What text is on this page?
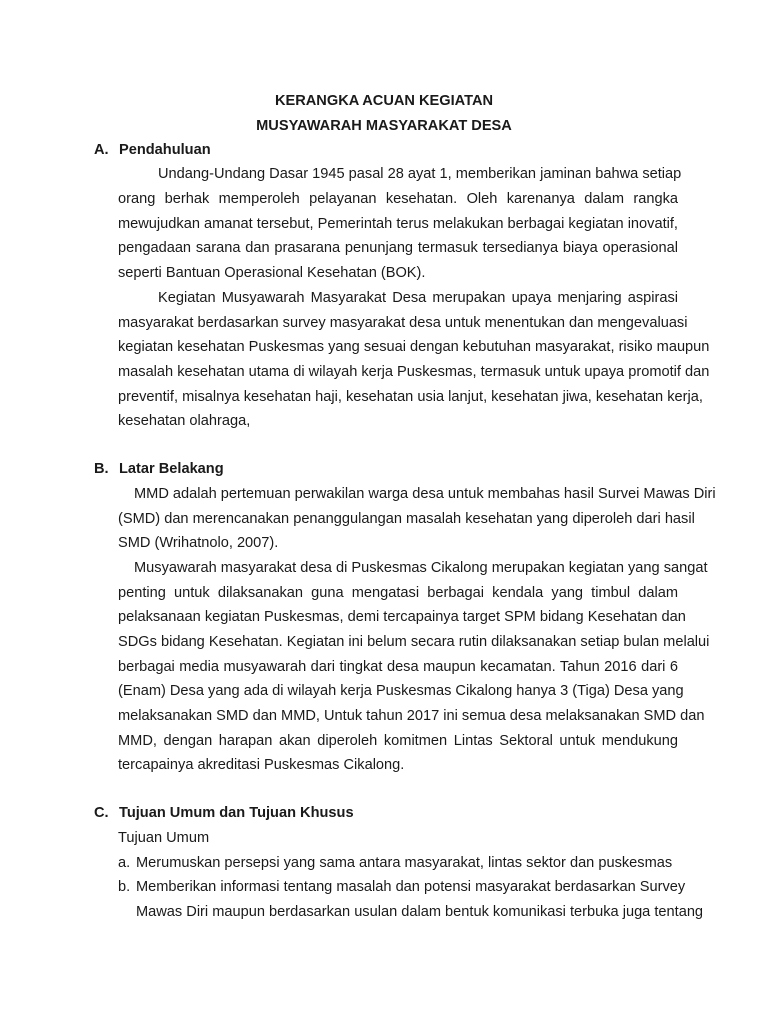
KERANGKA ACUAN KEGIATAN
MUSYAWARAH MASYARAKAT DESA
A. Pendahuluan
Undang-Undang Dasar 1945 pasal 28 ayat 1, memberikan jaminan bahwa setiap
orang berhak memperoleh pelayanan kesehatan. Oleh karenanya dalam rangka
mewujudkan amanat tersebut, Pemerintah terus melakukan berbagai kegiatan inovatif,
pengadaan sarana dan prasarana penunjang termasuk tersedianya biaya operasional
seperti Bantuan Operasional Kesehatan (BOK).
Kegiatan Musyawarah Masyarakat Desa merupakan upaya menjaring aspirasi
masyarakat berdasarkan survey masyarakat desa untuk menentukan dan mengevaluasi
kegiatan kesehatan Puskesmas yang sesuai dengan kebutuhan masyarakat, risiko maupun
masalah kesehatan utama di wilayah kerja Puskesmas, termasuk untuk upaya promotif dan
preventif, misalnya kesehatan haji, kesehatan usia lanjut, kesehatan jiwa, kesehatan kerja,
kesehatan olahraga,
B. Latar Belakang
MMD adalah pertemuan perwakilan warga desa untuk membahas hasil Survei Mawas Diri
(SMD) dan merencanakan penanggulangan masalah kesehatan yang diperoleh dari hasil
SMD (Wrihatnolo, 2007).
Musyawarah masyarakat desa di Puskesmas Cikalong merupakan kegiatan yang sangat
penting untuk dilaksanakan guna mengatasi berbagai kendala yang timbul dalam
pelaksanaan kegiatan Puskesmas, demi tercapainya target SPM bidang Kesehatan dan
SDGs bidang Kesehatan. Kegiatan ini belum secara rutin dilaksanakan setiap bulan melalui
berbagai media musyawarah dari tingkat desa maupun kecamatan. Tahun 2016 dari 6
(Enam) Desa yang ada di wilayah kerja Puskesmas Cikalong hanya 3 (Tiga) Desa yang
melaksanakan SMD dan MMD, Untuk tahun 2017 ini semua desa melaksanakan SMD dan
MMD, dengan harapan akan diperoleh komitmen Lintas Sektoral untuk mendukung
tercapainya akreditasi Puskesmas Cikalong.
C. Tujuan Umum dan Tujuan Khusus
Tujuan Umum
a. Merumuskan persepsi yang sama antara masyarakat, lintas sektor dan puskesmas
b. Memberikan informasi tentang masalah dan potensi masyarakat berdasarkan Survey
Mawas Diri maupun berdasarkan usulan dalam bentuk komunikasi terbuka juga tentang
